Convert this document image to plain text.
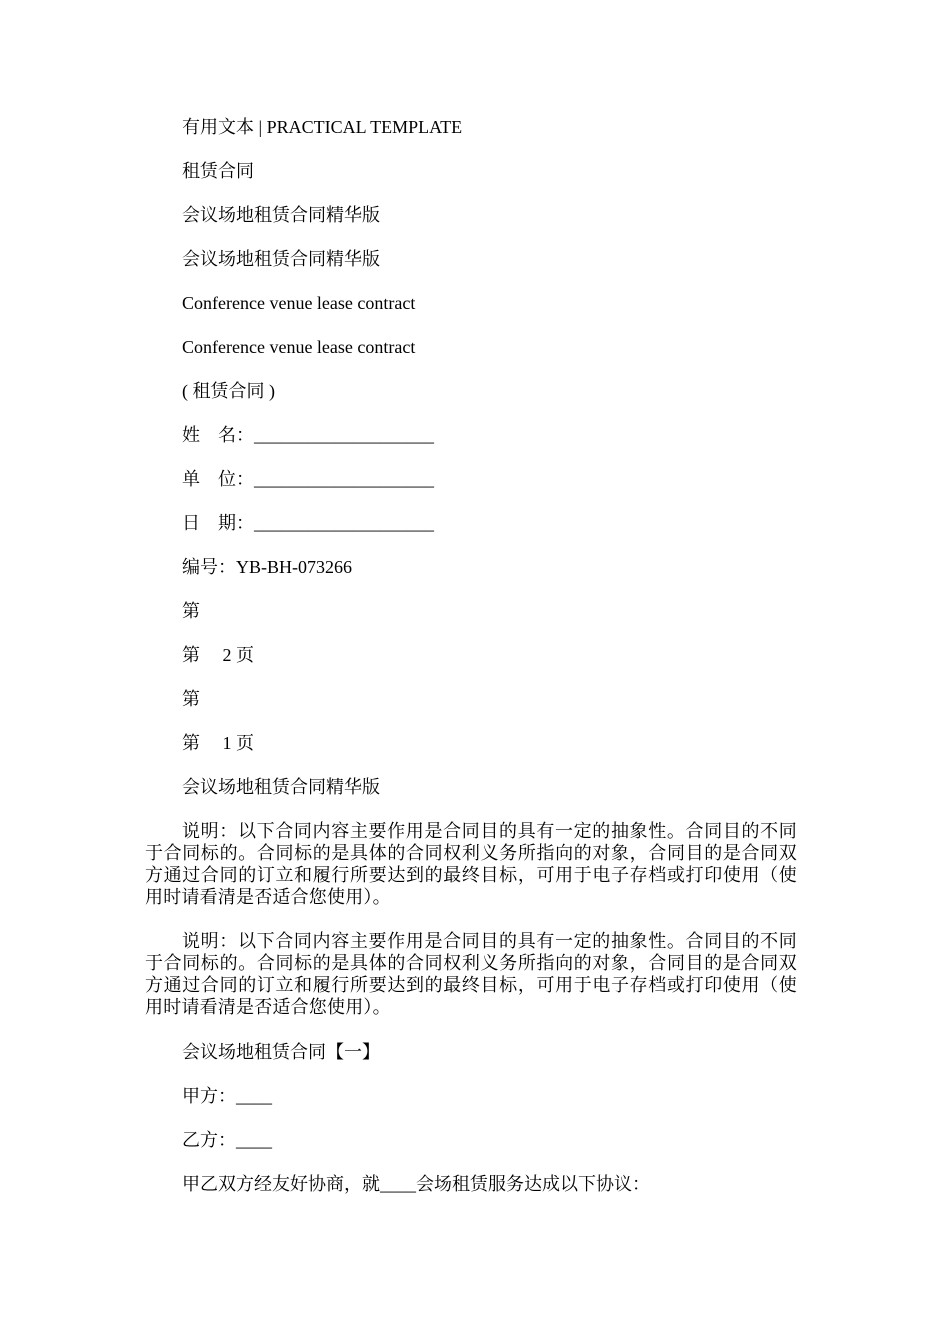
有用文本 | PRACTICAL TEMPLATE

租赁合同

会议场地租赁合同精华版

会议场地租赁合同精华版

Conference venue lease contract

Conference venue lease contract

( 租赁合同 )

姓　名：____________________

单　位：____________________

日　期：____________________

编号：YB-BH-073266

第

第　 2 页

第

第　 1 页

会议场地租赁合同精华版

说明：以下合同内容主要作用是合同目的具有一定的抽象性。合同目的不同于合同标的。合同标的是具体的合同权利义务所指向的对象，合同目的是合同双方通过合同的订立和履行所要达到的最终目标，可用于电子存档或打印使用（使用时请看清是否适合您使用）。

说明：以下合同内容主要作用是合同目的具有一定的抽象性。合同目的不同于合同标的。合同标的是具体的合同权利义务所指向的对象，合同目的是合同双方通过合同的订立和履行所要达到的最终目标，可用于电子存档或打印使用（使用时请看清是否适合您使用）。

会议场地租赁合同【一】

甲方：____

乙方：____

甲乙双方经友好协商，就____会场租赁服务达成以下协议：
